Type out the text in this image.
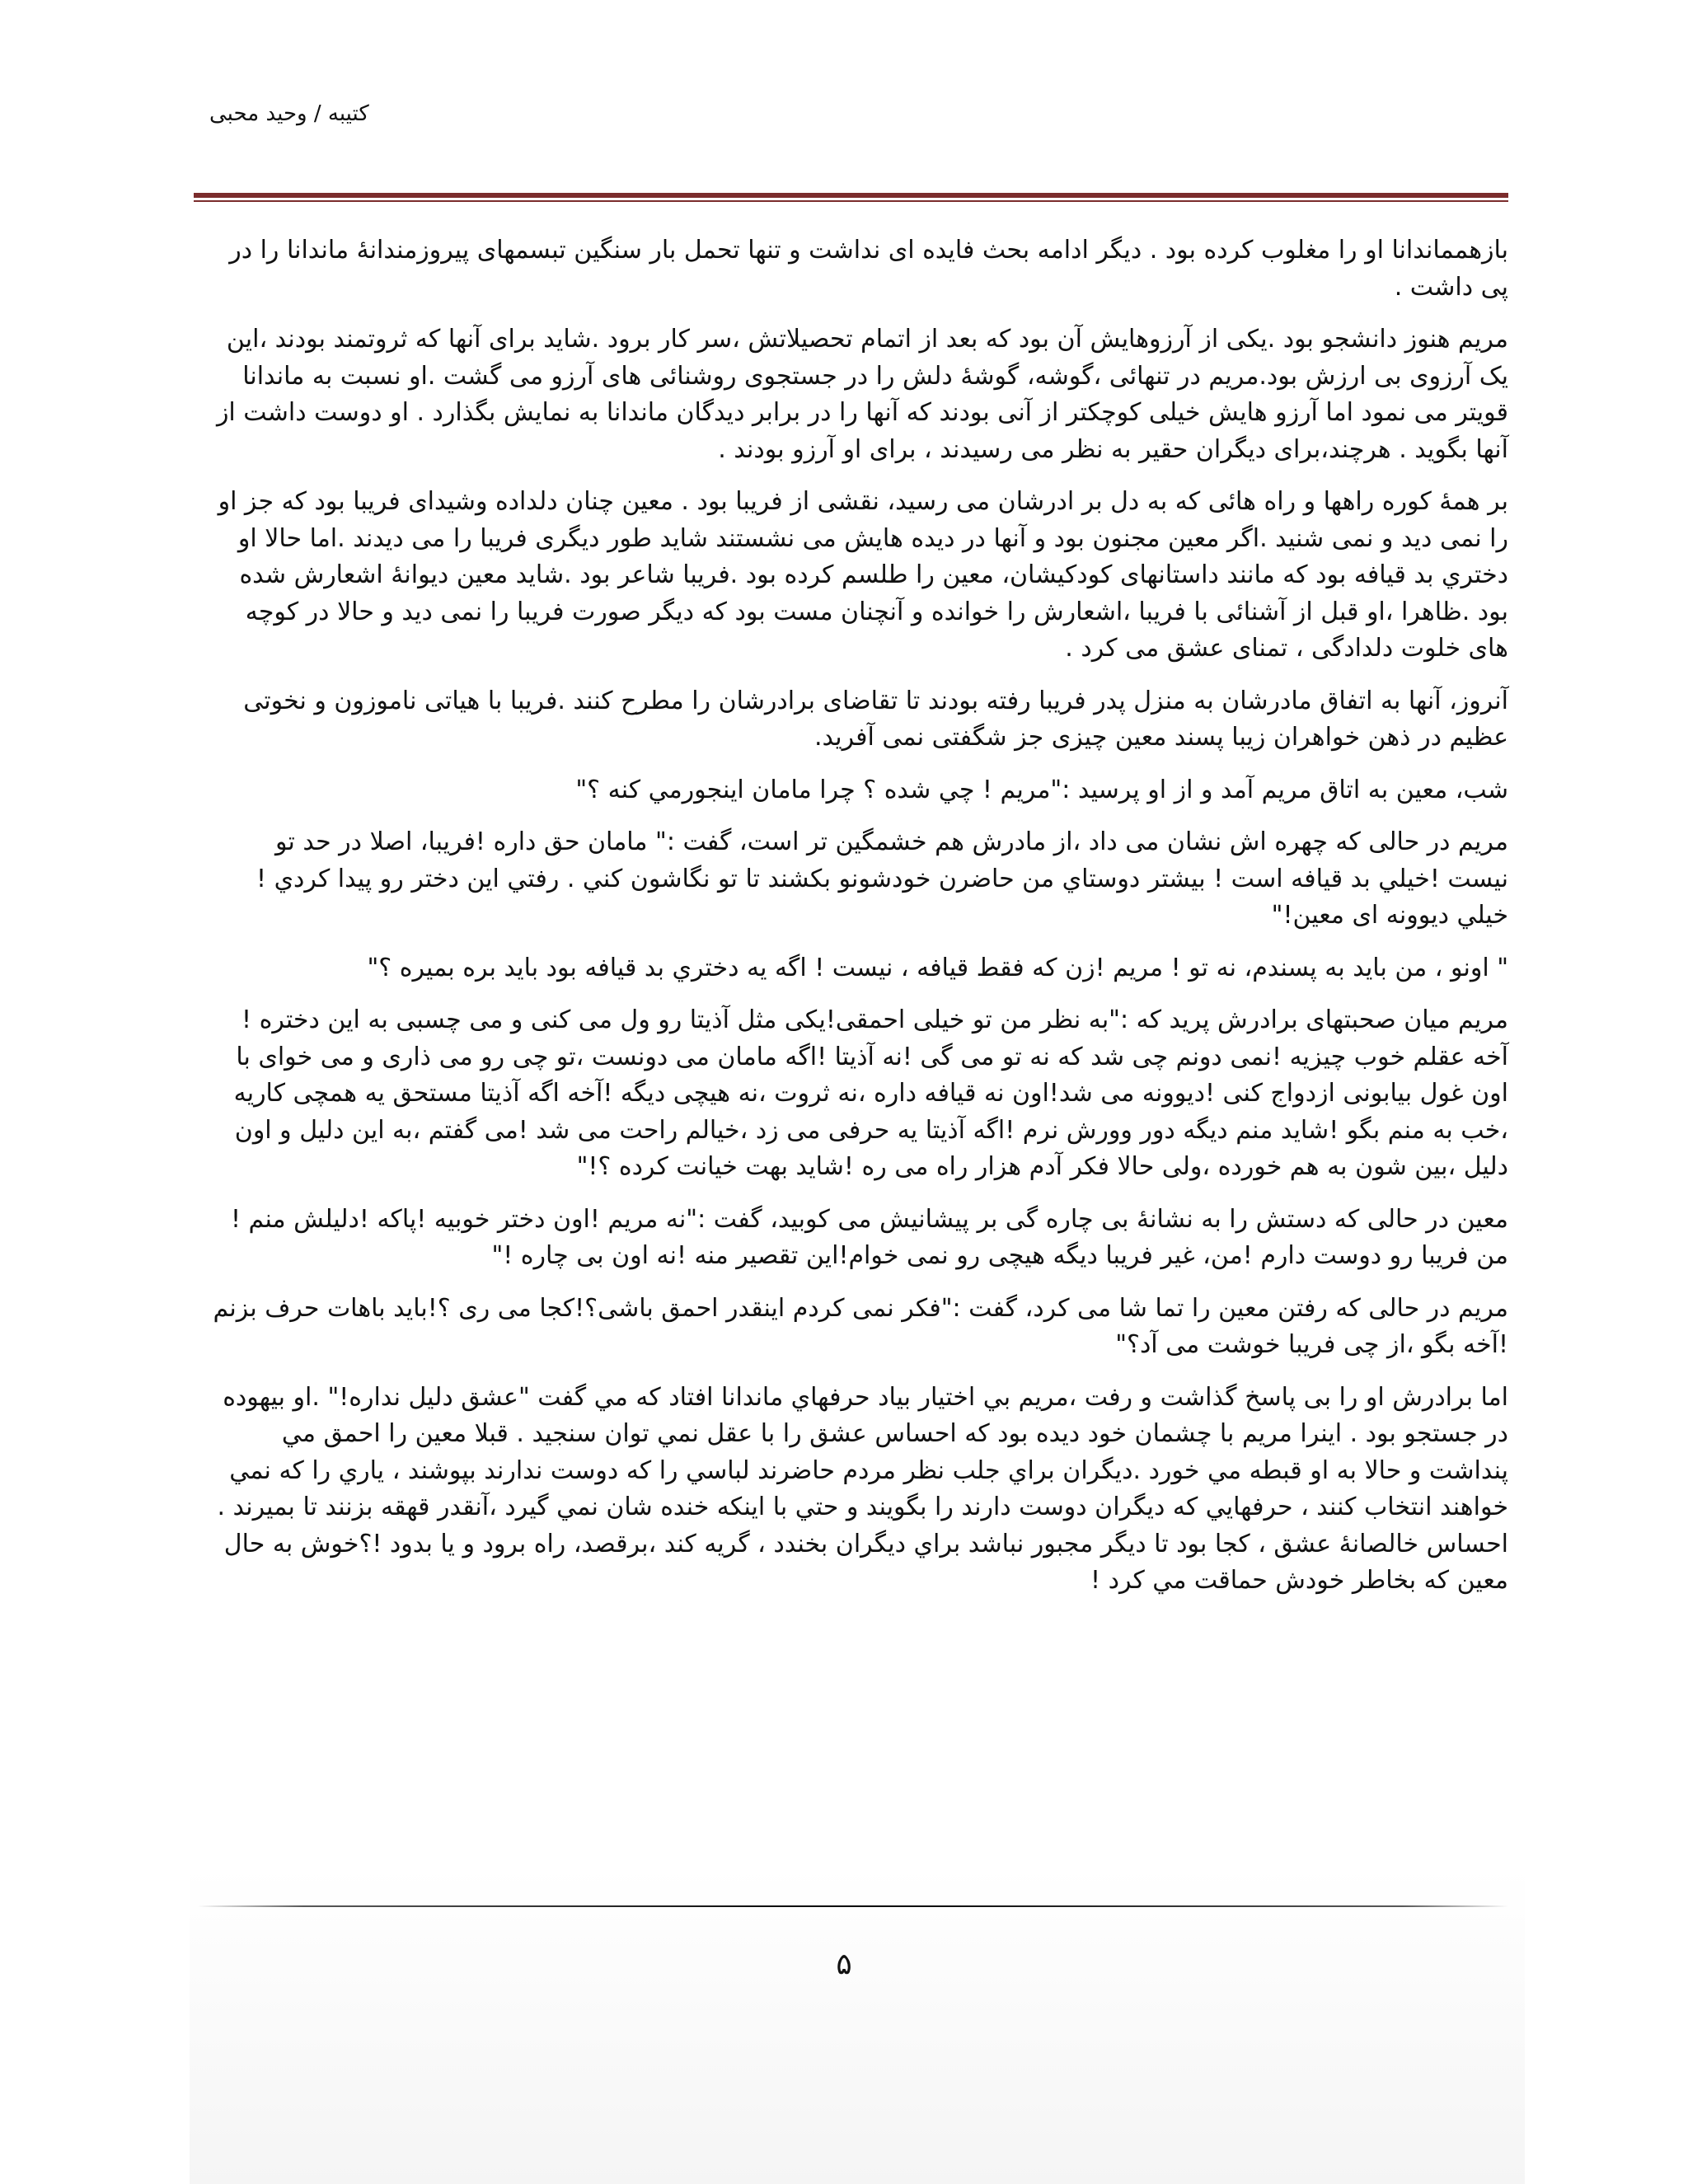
کتیبه / وحید محبی

بازهمماندانا او را مغلوب کرده بود . دیگر ادامه بحث فایده ای نداشت و تنها تحمل بار سنگین تبسمهای پیروزمندانۀ ماندانا را در پی داشت .

مریم هنوز دانشجو بود .یکی از آرزوهایش آن بود که بعد از اتمام تحصیلاتش ،سر کار برود .شاید برای آنها که ثروتمند بودند ،این یک آرزوی بی ارزش بود.مریم در تنهائی ،گوشه، گوشۀ دلش را در جستجوی روشنائی های آرزو می گشت .او نسبت به ماندانا قویتر می نمود اما آرزو هایش خیلی کوچکتر از آنی بودند که آنها را در برابر دیدگان ماندانا به نمایش بگذارد . او دوست داشت از آنها بگوید . هرچند،برای دیگران حقیر به نظر می رسیدند ، برای او آرزو بودند .

بر همۀ کوره راهها و راه هائی که به دل بر ادرشان می رسید، نقشی از فریبا بود . معین چنان دلداده وشیدای فریبا بود که جز او را نمی دید و نمی شنید .اگر معین مجنون بود و آنها در دیده هایش می نشستند شاید طور دیگری فریبا را می دیدند .اما حالا او دختري بد قيافه بود که مانند داستانهای کودکیشان، معین را طلسم کرده بود .فریبا شاعر بود .شاید معین دیوانۀ اشعارش شده بود .ظاهرا ،او قبل از آشنائی با فریبا ،اشعارش را خوانده و آنچنان مست بود که دیگر صورت فریبا را نمی دید و حالا در کوچه های خلوت دلدادگی ، تمنای عشق می کرد .

آنروز، آنها به اتفاق مادرشان به منزل پدر فریبا رفته بودند تا تقاضای برادرشان را مطرح کنند .فریبا با هیاتی ناموزون و نخوتی عظیم در ذهن خواهران زیبا پسند معین چیزی جز شگفتی نمی آفرید.

شب، معین به اتاق مریم آمد و از او پرسید :"مریم ! چي شده ؟ چرا مامان اينجورمي كنه ؟"

مریم در حالی که چهره اش نشان می داد ،از مادرش هم خشمگین تر است، گفت :" مامان حق داره !فریبا، اصلا در حد تو نیست !خيلي بد قيافه است ! بيشتر دوستاي من حاضرن خودشونو بكشند تا تو نگاشون كني . رفتي اين دختر رو پيدا كردي !خيلي ديوونه ای معين!"

" اونو ، من باید به پسندم، نه تو ! مریم !زن که فقط قیافه ، نیست ! اگه يه دختري بد قيافه بود بايد بره بميره ؟"

مریم میان صحبتهای برادرش پرید که :"به نظر من تو خیلی احمقی!یکی مثل آذیتا رو ول می کنی و می چسبی به این دختره !آخه عقلم خوب چیزیه !نمی دونم چی شد که نه تو می گی !نه آذیتا !اگه مامان می دونست ،تو چی رو می ذاری و می خوای با اون غول بیابونی ازدواج کنی !دیوونه می شد!اون نه قیافه داره ،نه ثروت ،نه هیچی دیگه !آخه اگه آذیتا مستحق یه همچی کاریه ،خب به منم بگو !شاید منم دیگه دور وورش نرم !اگه آذیتا یه حرفی می زد ،خیالم راحت می شد !می گفتم ،به این دلیل و اون دلیل ،بین شون به هم خورده ،ولی حالا فکر آدم هزار راه می ره !شاید بهت خیانت کرده ؟!"

معین در حالی که دستش را به نشانۀ بی چاره گی بر پیشانیش می کوبید، گفت :"نه مریم !اون دختر خوبیه !پاکه !دلیلش منم !من فریبا رو دوست دارم !من، غیر فریبا دیگه هیچی رو نمی خوام!این تقصیر منه !نه اون بی چاره !"

مریم در حالی که رفتن معین را تما شا می کرد، گفت :"فکر نمی کردم اینقدر احمق باشی؟!کجا می ری ؟!باید باهات حرف بزنم !آخه بگو ،از چی فریبا خوشت می آد؟"

اما برادرش او را بی پاسخ گذاشت و رفت ،مریم بي اختيار بياد حرفهاي ماندانا افتاد كه مي گفت "عشق دليل نداره!" .او بيهوده در جستجو بود . اينرا مريم با چشمان خود ديده بود كه احساس عشق را با عقل نمي توان سنجيد . قبلا معين را احمق مي پنداشت و حالا به او قبطه مي خورد .ديگران براي جلب نظر مردم حاضرند لباسي را كه دوست ندارند بپوشند ، ياري را كه نمي خواهند انتخاب كنند ، حرفهايي كه ديگران دوست دارند را بگويند و حتي با اينكه خنده شان نمي گيرد ،آنقدر قهقه بزنند تا بميرند . احساس خالصانۀ عشق ، كجا بود تا ديگر مجبور نباشد براي ديگران بخندد ، گريه كند ،برقصد، راه برود و يا بدود !؟خوش به حال معين كه بخاطر خودش حماقت مي كرد !

۵
